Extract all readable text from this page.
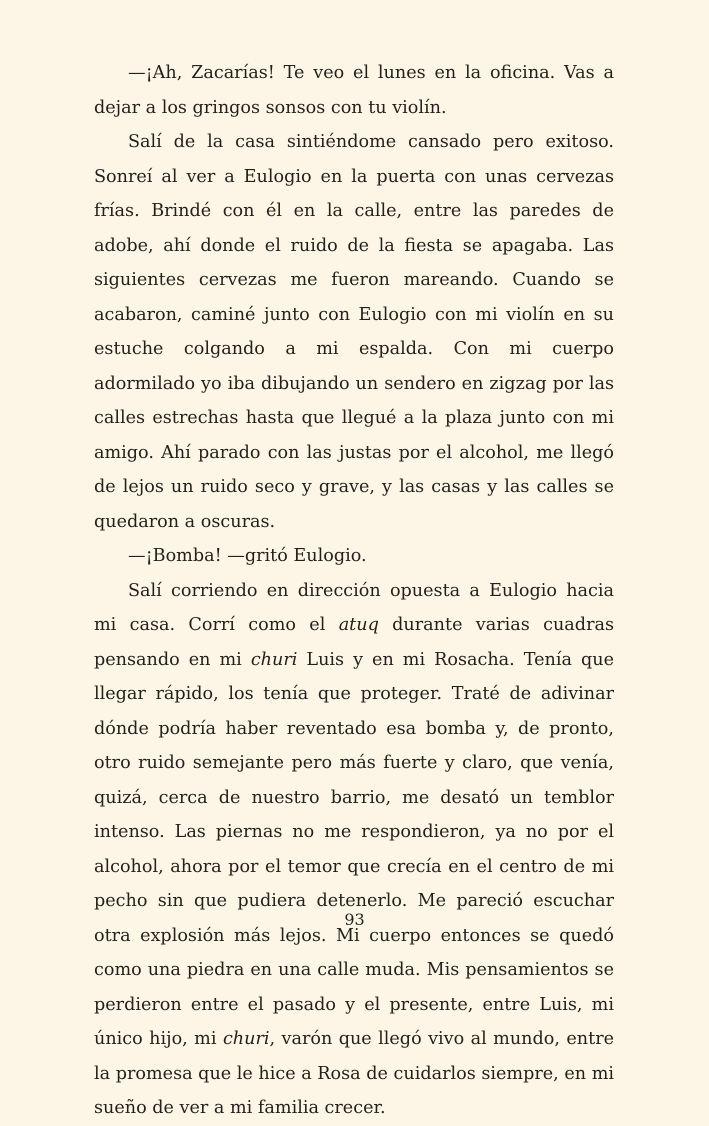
—¡Ah, Zacarías! Te veo el lunes en la oficina. Vas a dejar a los gringos sonsos con tu violín.

Salí de la casa sintiéndome cansado pero exitoso. Sonreí al ver a Eulogio en la puerta con unas cervezas frías. Brindé con él en la calle, entre las paredes de adobe, ahí donde el ruido de la fiesta se apagaba. Las siguientes cervezas me fueron mareando. Cuando se acabaron, caminé junto con Eulogio con mi violín en su estuche colgando a mi espalda. Con mi cuerpo adormilado yo iba dibujando un sendero en zigzag por las calles estrechas hasta que llegué a la plaza junto con mi amigo. Ahí parado con las justas por el alcohol, me llegó de lejos un ruido seco y grave, y las casas y las calles se quedaron a oscuras.

—¡Bomba! —gritó Eulogio.

Salí corriendo en dirección opuesta a Eulogio hacia mi casa. Corrí como el atuq durante varias cuadras pensando en mi churi Luis y en mi Rosacha. Tenía que llegar rápido, los tenía que proteger. Traté de adivinar dónde podría haber reventado esa bomba y, de pronto, otro ruido semejante pero más fuerte y claro, que venía, quizá, cerca de nuestro barrio, me desató un temblor intenso. Las piernas no me respondieron, ya no por el alcohol, ahora por el temor que crecía en el centro de mi pecho sin que pudiera detenerlo. Me pareció escuchar otra explosión más lejos. Mi cuerpo entonces se quedó como una piedra en una calle muda. Mis pensamientos se perdieron entre el pasado y el presente, entre Luis, mi único hijo, mi churi, varón que llegó vivo al mundo, entre la promesa que le hice a Rosa de cuidarlos siempre, en mi sueño de ver a mi familia crecer.

93
